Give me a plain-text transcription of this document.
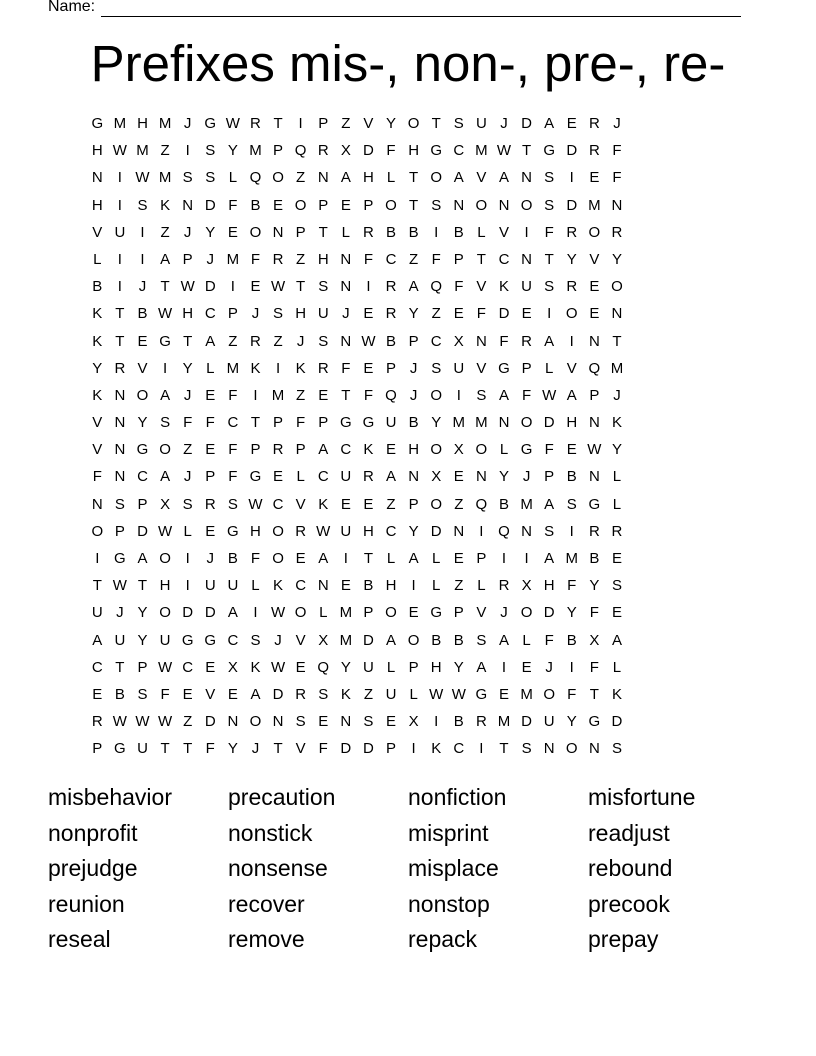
Name:
Prefixes mis-, non-, pre-, re-
G M H M J G W R T	I	P Z V Y O T S U J D A E R J
H W M Z	I	S Y M P Q R X D F H G C M W T G D R F
N	I W M S S L Q O Z N A H L T O A V A N S	I	E F
H	I	S K N D F B E O P E P O T S N O N O S D M N
V U	I	Z J Y E O N P T L R B B	I	B L V	I	F R O R
L	I	I	A P J M F R Z H N F C Z F P T C N T Y V Y
B	I	J T W D	I	E W T S N	I	R A Q F V K U S R E O
K T B W H C P J S H U J E R Y Z E F D E	I O E N
K T E G T A Z R Z J S N W B P C X N F R A	I	N T
Y R V	I	Y L M K	I	K R F E P J S U V G P L V Q M
K N O A J E F	I M Z E T F Q J O I	S A F W A P J
V N Y S F F C T P F P G G U B Y M M N O D H N K
V N G O Z E F P R P A C K E H O X O L G F E W Y
F N C A J P F G E L C U R A N X E N Y J P B N L
N S P X S R S W C V K E E Z P O Z Q B M A S G L
O P D W L E G H O R W U H C Y D N	I Q N S	I	R R
I G A O I	J B F O E A	I	T L A L E P	I	I	A M B E
T W T H	I	U U L K C N E B H	I	L Z L R X H F Y S
U J Y O D D A	I W O L M P O E G P V J O D Y F E
A U Y U G G C S J V X M D A O B B S A L F B X A
C T P W C E X K W E Q Y U L P H Y A	I	E J	I	F L
E B S F E V E A D R S K Z U L W W G E M O F T K
R W W W Z D N O N S E N S E X	I	B R M D U Y G D
P G U T T F Y J T V F D D P	I	K C	I	T S N O N S
misbehavior	precaution	nonfiction	misfortune
nonprofit	nonstick	misprint	readjust
prejudge	nonsense	misplace	rebound
reunion	recover	nonstop	precook
reseal	remove	repack	prepay
